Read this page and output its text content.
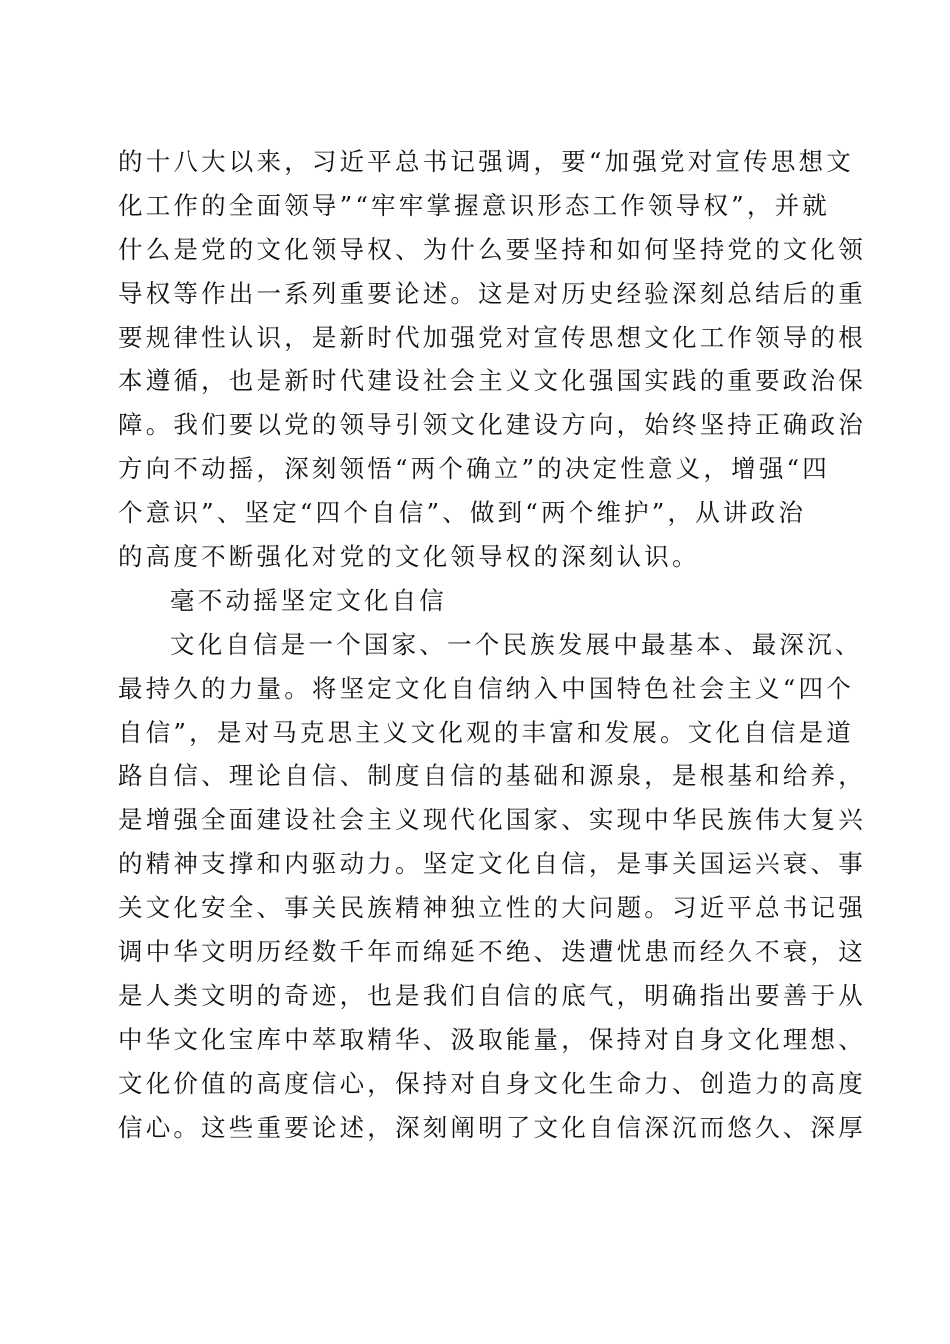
的十八大以来，习近平总书记强调，要“加强党对宣传思想文
化工作的全面领导”“牢牢掌握意识形态工作领导权”，并就
什么是党的文化领导权、为什么要坚持和如何坚持党的文化领
导权等作出一系列重要论述。这是对历史经验深刻总结后的重
要规律性认识，是新时代加强党对宣传思想文化工作领导的根
本遵循，也是新时代建设社会主义文化强国实践的重要政治保
障。我们要以党的领导引领文化建设方向，始终坚持正确政治
方向不动摇，深刻领悟“两个确立”的决定性意义，增强“四
个意识”、坚定“四个自信”、做到“两个维护”，从讲政治
的高度不断强化对党的文化领导权的深刻认识。
毫不动摇坚定文化自信
文化自信是一个国家、一个民族发展中最基本、最深沉、
最持久的力量。将坚定文化自信纳入中国特色社会主义“四个
自信”，是对马克思主义文化观的丰富和发展。文化自信是道
路自信、理论自信、制度自信的基础和源泉，是根基和给养，
是增强全面建设社会主义现代化国家、实现中华民族伟大复兴
的精神支撑和内驱动力。坚定文化自信，是事关国运兴衰、事
关文化安全、事关民族精神独立性的大问题。习近平总书记强
调中华文明历经数千年而绵延不绝、迭遭忧患而经久不衰，这
是人类文明的奇迹，也是我们自信的底气，明确指出要善于从
中华文化宝库中萃取精华、汲取能量，保持对自身文化理想、
文化价值的高度信心，保持对自身文化生命力、创造力的高度
信心。这些重要论述，深刻阐明了文化自信深沉而悠久、深厚
